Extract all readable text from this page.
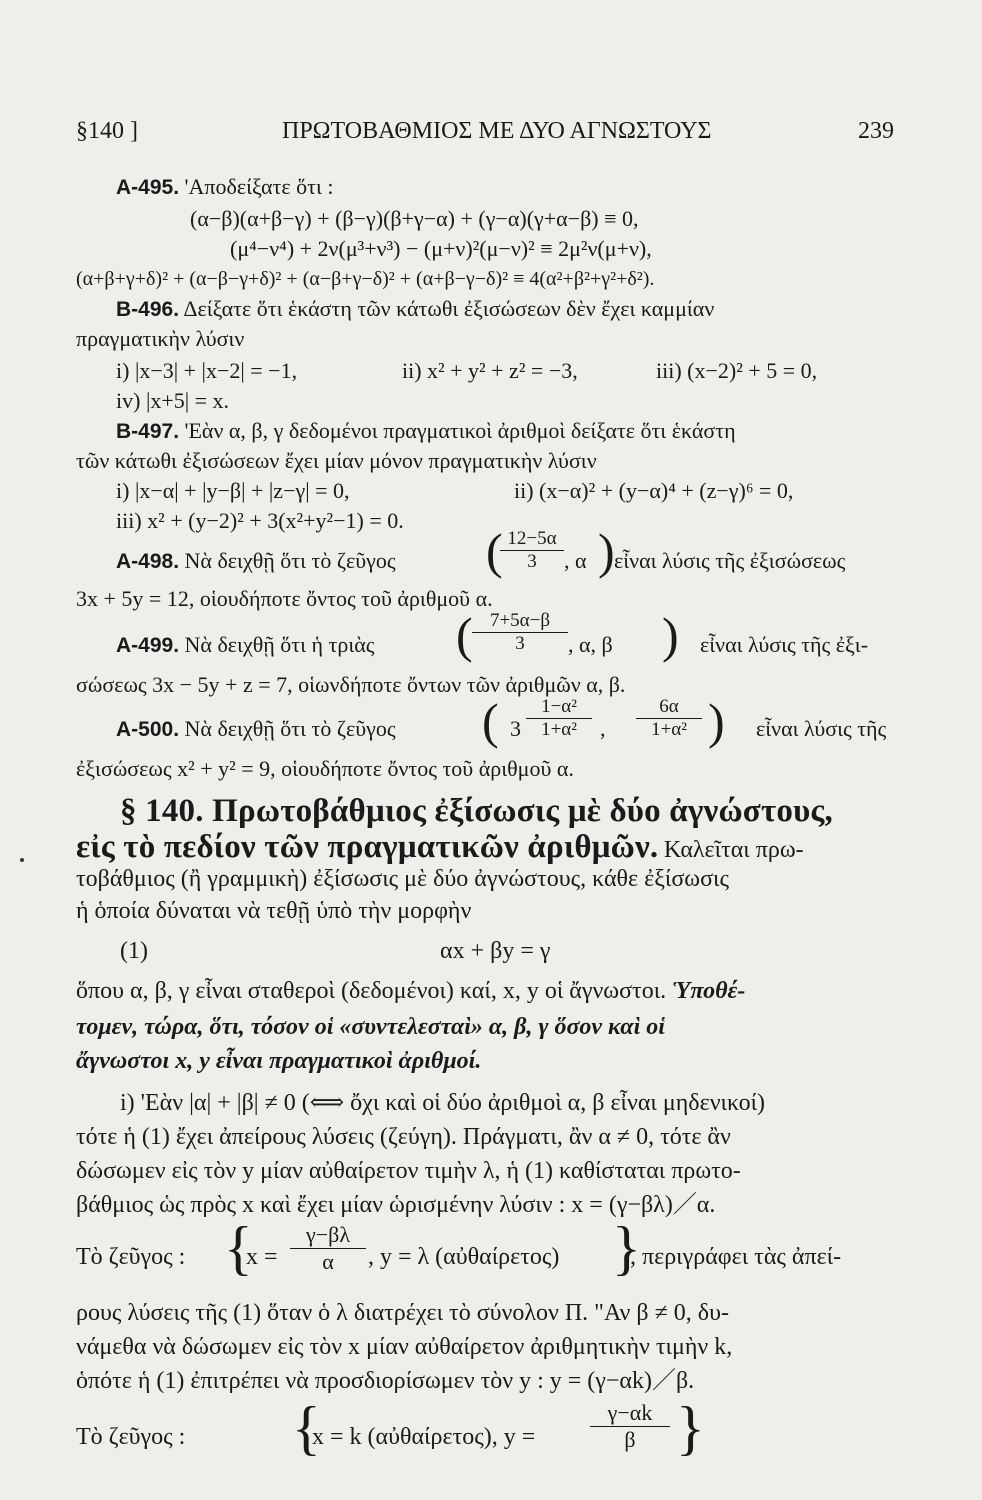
§140 ]	ΠΡΩΤΟΒΑΘΜΙΟΣ ΜΕ ΔΥΟ ΑΓΝΩΣΤΟΥΣ	239
Α-495. 'Αποδείξατε ὅτι :
(α−β)(α+β−γ) + (β−γ)(β+γ−α) + (γ−α)(γ+α−β) ≡ 0,
(μ⁴−ν⁴) + 2ν(μ³+ν³) − (μ+ν)²(μ−ν)² ≡ 2μ²ν(μ+ν),
(α+β+γ+δ)² + (α−β−γ+δ)² + (α−β+γ−δ)² + (α+β−γ−δ)² ≡ 4(α²+β²+γ²+δ²).
Β-496. Δείξατε ὅτι ἑκάστη τῶν κάτωθι ἐξισώσεων δὲν ἔχει καμμίαν
πραγματικὴν λύσιν
i) |x−3| + |x−2| = −1,	ii) x² + y² + z² = −3,	iii) (x−2)² + 5 = 0,
iv) |x+5| = x.
Β-497. 'Εὰν α, β, γ δεδομένοι πραγματικοὶ ἀριθμοὶ δείξατε ὅτι ἑκάστη
τῶν κάτωθι ἐξισώσεων ἔχει μίαν μόνον πραγματικὴν λύσιν
i) |x−α| + |y−β| + |z−γ| = 0,	ii) (x−α)² + (y−α)⁴ + (z−γ)⁶ = 0,
iii) x² + (y−2)² + 3(x²+y²−1) = 0.
Α-498. Νὰ δειχθῇ ὅτι τὸ ζεῦγος ( 12−5α
3	, α ) εἶναι λύσις τῆς ἐξισώσεως
3x + 5y = 12, οἱουδήποτε ὄντος τοῦ ἀριθμοῦ α.
Α-499. Νὰ δειχθῇ ὅτι ἡ τριὰς ( 7+5α−β
3	, α, β ) εἶναι λύσις τῆς ἐξι-
σώσεως 3x − 5y + z = 7, οἱωνδήποτε ὄντων τῶν ἀριθμῶν α, β.
Α-500. Νὰ δειχθῇ ὅτι τὸ ζεῦγος ( 3
1−α²
1+α²	,
6α
1+α² ) εἶναι λύσις τῆς
ἐξισώσεως x² + y² = 9, οἱουδήποτε ὄντος τοῦ ἀριθμοῦ α.
§ 140. Πρωτοβάθμιος ἐξίσωσις μὲ δύο ἀγνώστους,
εἰς τὸ πεδίον τῶν πραγματικῶν ἀριθμῶν. Καλεῖται πρω-
τοβάθμιος (ἢ γραμμικὴ) ἐξίσωσις μὲ δύο ἀγνώστους, κάθε ἐξίσωσις
ἡ ὁποία δύναται νὰ τεθῇ ὑπὸ τὴν μορφὴν
(1)	αx + βy = γ
ὅπου α, β, γ εἶναι σταθεροὶ (δεδομένοι) καί, x, y οἱ ἄγνωστοι. Ὑποθέ-
τομεν, τώρα, ὅτι, τόσον οἱ «συντελεσταὶ» α, β, γ ὅσον καὶ οἱ
ἄγνωστοι x, y εἶναι πραγματικοὶ ἀριθμοί.
i) 'Εὰν |α| + |β| ≠ 0 (⟺ ὄχι καὶ οἱ δύο ἀριθμοὶ α, β εἶναι μηδενικοί)
τότε ἡ (1) ἔχει ἀπείρους λύσεις (ζεύγη). Πράγματι, ἂν α ≠ 0, τότε ἂν
δώσωμεν εἰς τὸν y μίαν αὐθαίρετον τιμὴν λ, ἡ (1) καθίσταται πρωτο-
βάθμιος ὡς πρὸς x καὶ ἔχει μίαν ὡρισμένην λύσιν : x = (γ−βλ)／α.
Τὸ ζεῦγος : {
x =
γ−βλ
α	, y = λ (αὐθαίρετος) }
, περιγράφει τὰς ἀπεί-
ρους λύσεις τῆς (1) ὅταν ὁ λ διατρέχει τὸ σύνολον Π. "Αν β ≠ 0, δυ-
νάμεθα νὰ δώσωμεν εἰς τὸν x μίαν αὐθαίρετον ἀριθμητικὴν τιμὴν k,
ὁπότε ἡ (1) ἐπιτρέπει νὰ προσδιορίσωμεν τὸν y : y = (γ−αk)／β.
Τὸ ζεῦγος : {
x = k (αὐθαίρετος), y =
γ−αk
β }
